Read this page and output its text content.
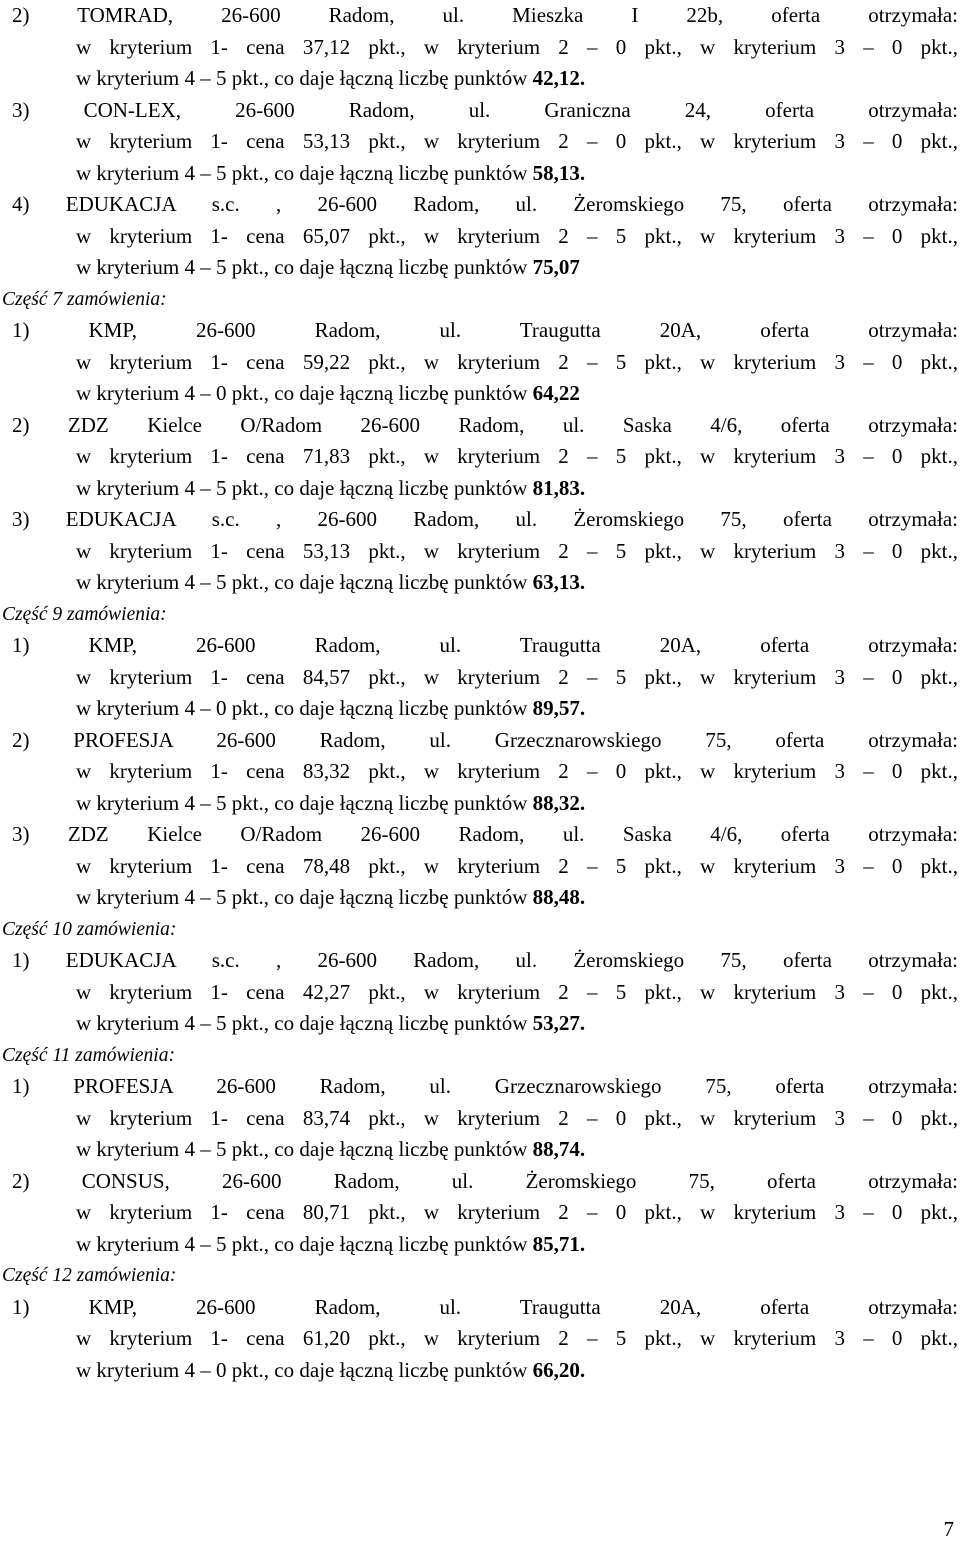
2) TOMRAD, 26-600 Radom, ul. Mieszka I 22b, oferta otrzymała:
w kryterium 1- cena 37,12 pkt., w kryterium 2 – 0 pkt., w kryterium 3 – 0 pkt.,
w kryterium 4 – 5 pkt., co daje łączną liczbę punktów 42,12.
3) CON-LEX, 26-600 Radom, ul. Graniczna 24, oferta otrzymała:
w kryterium 1- cena 53,13 pkt., w kryterium 2 – 0 pkt., w kryterium 3 – 0 pkt.,
w kryterium 4 – 5 pkt., co daje łączną liczbę punktów 58,13.
4) EDUKACJA s.c. , 26-600 Radom, ul. Żeromskiego 75, oferta otrzymała:
w kryterium 1- cena 65,07 pkt., w kryterium 2 – 5 pkt., w kryterium 3 – 0 pkt.,
w kryterium 4 – 5 pkt., co daje łączną liczbę punktów 75,07
Część 7 zamówienia:
1) KMP, 26-600 Radom, ul. Traugutta 20A, oferta otrzymała:
w kryterium 1- cena 59,22 pkt., w kryterium 2 – 5 pkt., w kryterium 3 – 0 pkt.,
w kryterium 4 – 0 pkt., co daje łączną liczbę punktów 64,22
2) ZDZ Kielce O/Radom 26-600 Radom, ul. Saska 4/6, oferta otrzymała:
w kryterium 1- cena 71,83 pkt., w kryterium 2 – 5 pkt., w kryterium 3 – 0 pkt.,
w kryterium 4 – 5 pkt., co daje łączną liczbę punktów 81,83.
3) EDUKACJA s.c. , 26-600 Radom, ul. Żeromskiego 75, oferta otrzymała:
w kryterium 1- cena 53,13 pkt., w kryterium 2 – 5 pkt., w kryterium 3 – 0 pkt.,
w kryterium 4 – 5 pkt., co daje łączną liczbę punktów 63,13.
Część 9 zamówienia:
1) KMP, 26-600 Radom, ul. Traugutta 20A, oferta otrzymała:
w kryterium 1- cena 84,57 pkt., w kryterium 2 – 5 pkt., w kryterium 3 – 0 pkt.,
w kryterium 4 – 0 pkt., co daje łączną liczbę punktów 89,57.
2) PROFESJA 26-600 Radom, ul. Grzecznarowskiego 75, oferta otrzymała:
w kryterium 1- cena 83,32 pkt., w kryterium 2 – 0 pkt., w kryterium 3 – 0 pkt.,
w kryterium 4 – 5 pkt., co daje łączną liczbę punktów 88,32.
3) ZDZ Kielce O/Radom 26-600 Radom, ul. Saska 4/6, oferta otrzymała:
w kryterium 1- cena 78,48 pkt., w kryterium 2 – 5 pkt., w kryterium 3 – 0 pkt.,
w kryterium 4 – 5 pkt., co daje łączną liczbę punktów 88,48.
Część 10 zamówienia:
1) EDUKACJA s.c. , 26-600 Radom, ul. Żeromskiego 75, oferta otrzymała:
w kryterium 1- cena 42,27 pkt., w kryterium 2 – 5 pkt., w kryterium 3 – 0 pkt.,
w kryterium 4 – 5 pkt., co daje łączną liczbę punktów 53,27.
Część 11 zamówienia:
1) PROFESJA 26-600 Radom, ul. Grzecznarowskiego 75, oferta otrzymała:
w kryterium 1- cena 83,74 pkt., w kryterium 2 – 0 pkt., w kryterium 3 – 0 pkt.,
w kryterium 4 – 5 pkt., co daje łączną liczbę punktów 88,74.
2) CONSUS, 26-600 Radom, ul. Żeromskiego 75, oferta otrzymała:
w kryterium 1- cena 80,71 pkt., w kryterium 2 – 0 pkt., w kryterium 3 – 0 pkt.,
w kryterium 4 – 5 pkt., co daje łączną liczbę punktów 85,71.
Część 12 zamówienia:
1) KMP, 26-600 Radom, ul. Traugutta 20A, oferta otrzymała:
w kryterium 1- cena 61,20 pkt., w kryterium 2 – 5 pkt., w kryterium 3 – 0 pkt.,
w kryterium 4 – 0 pkt., co daje łączną liczbę punktów 66,20.
7
